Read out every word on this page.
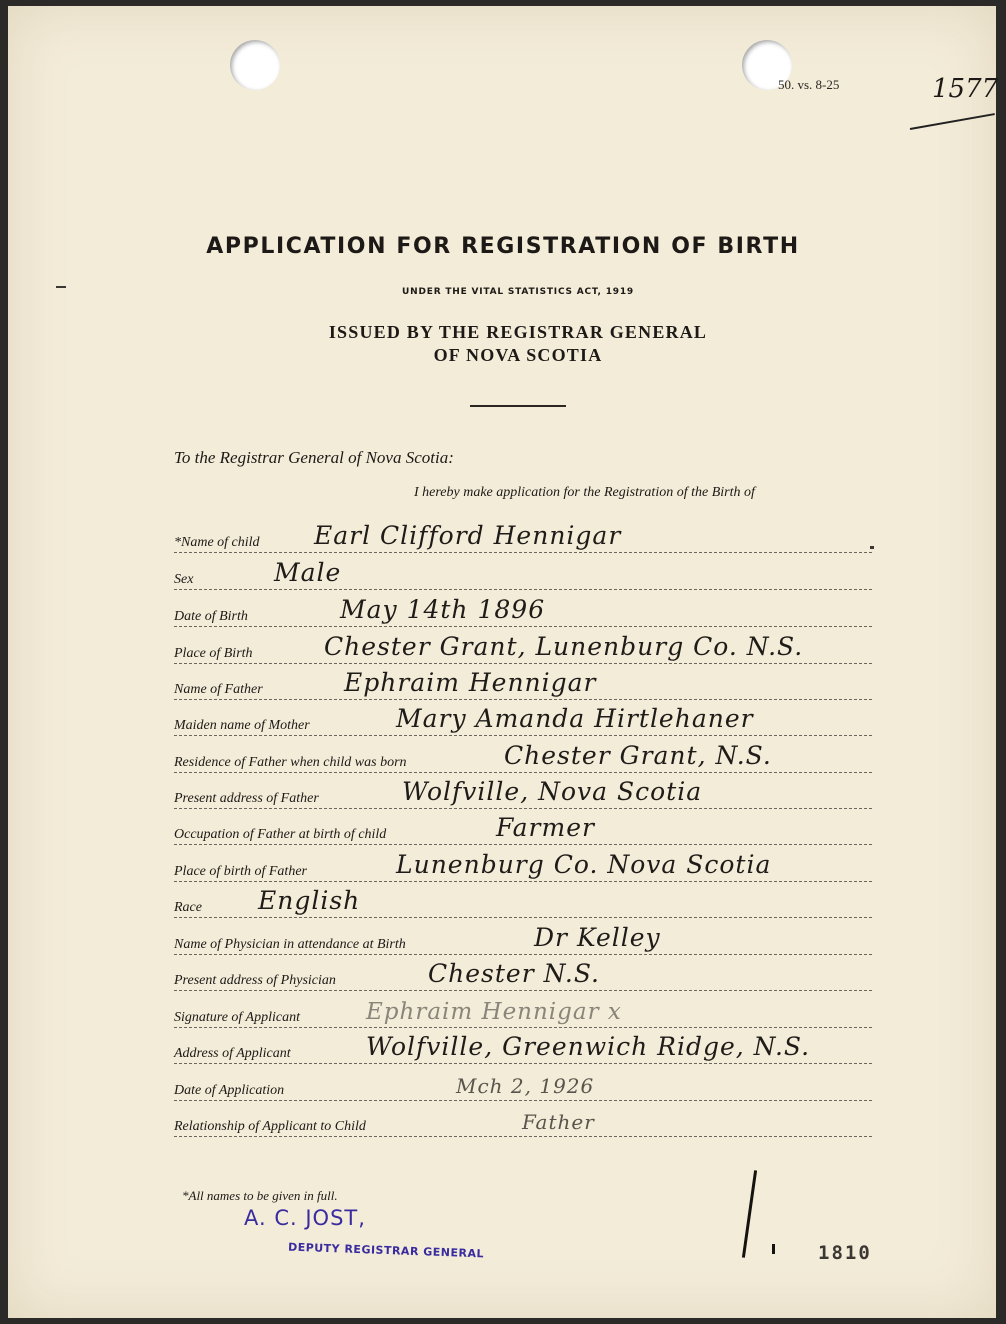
50. vs. 8-25	1577
APPLICATION FOR REGISTRATION OF BIRTH
UNDER THE VITAL STATISTICS ACT, 1919
ISSUED BY THE REGISTRAR GENERAL
OF NOVA SCOTIA
To the Registrar General of Nova Scotia:
I hereby make application for the Registration of the Birth of
*Name of child Earl Clifford Hennigar
Sex	Male
Date of Birth	May 14th 1896
Place of Birth	Chester Grant, Lunenburg Co. N.S.
Name of Father	Ephraim Hennigar
Maiden name of Mother	Mary Amanda Hirtlehaner
Residence of Father when child was born	Chester Grant, N.S.
Present address of Father	Wolfville, Nova Scotia
Occupation of Father at birth of child	Farmer
Place of birth of Father	Lunenburg Co. Nova Scotia
Race English
Name of Physician in attendance at Birth	Dr Kelley
Present address of Physician	Chester N.S.
Signature of Applicant	Ephraim Hennigar x
Address of Applicant	Wolfville, Greenwich Ridge, N.S.
Date of Application	Mch 2, 1926
Relationship of Applicant to Child	Father
*All names to be given in full.
A. C. JOST,
DEPUTY REGISTRAR GENERAL	1810
